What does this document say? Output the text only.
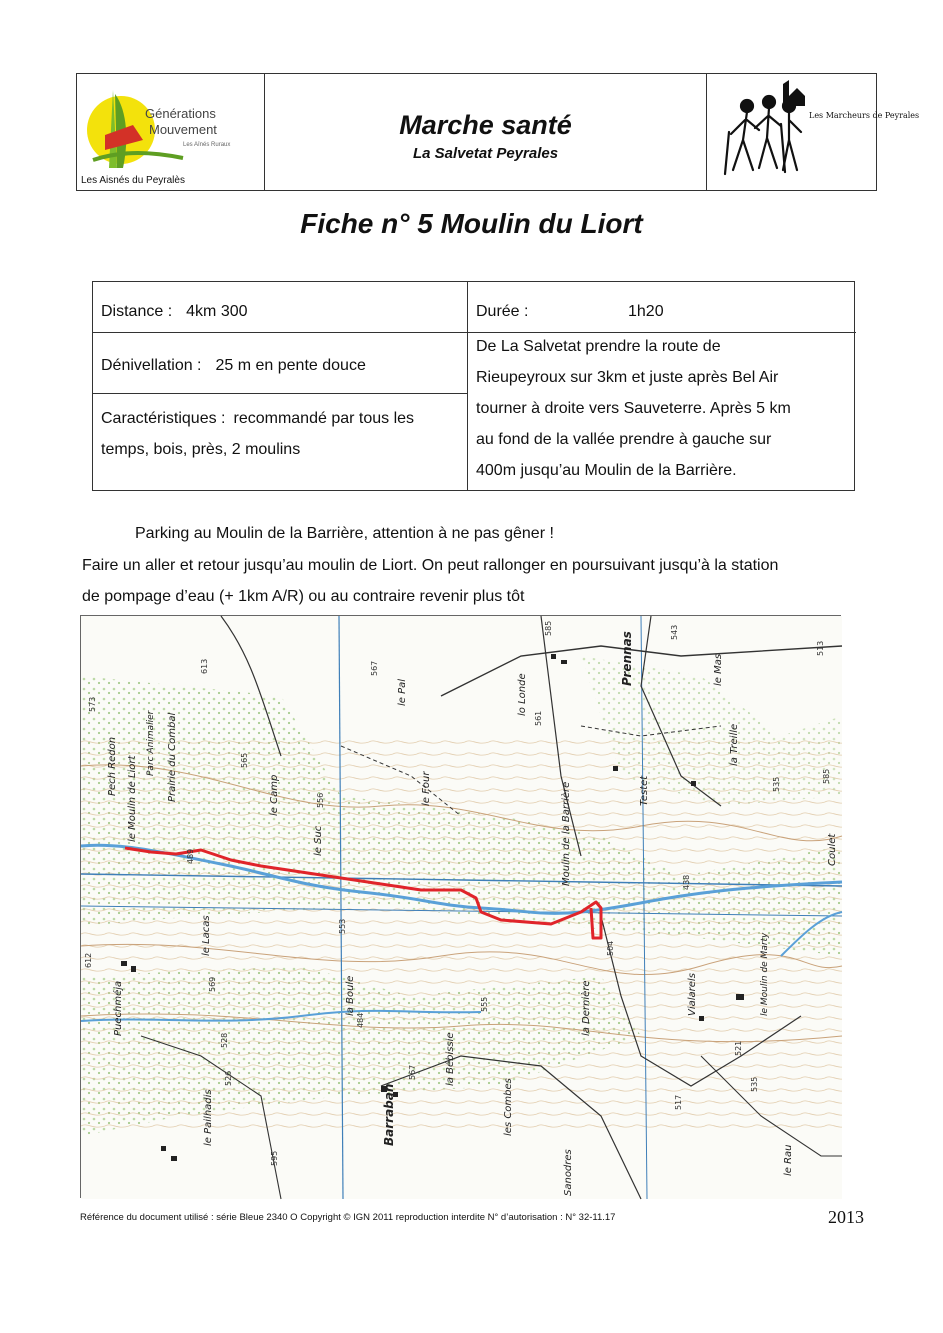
Générations
Mouvement
Les Aînés Ruraux
Les Aisnés du Peyralès
Marche santé
La Salvetat Peyrales
Les Marcheurs de Peyrales
Fiche n° 5 Moulin du Liort
Distance : 4km 300	Durée :	1h20
Dénivellation : 25 m en pente douce
Caractéristiques : recommandé par tous les
temps, bois, près, 2 moulins
De La Salvetat prendre la route de
Rieupeyroux sur 3km et juste après Bel Air
tourner à droite vers Sauveterre. Après 5 km
au fond de la vallée prendre à gauche sur
400m jusqu’au Moulin de la Barrière.
Parking au Moulin de la Barrière, attention à ne pas gêner !
Faire un aller et retour jusqu’au moulin de Liort. On peut rallonger en poursuivant jusqu’à la station
de pompage d’eau (+ 1km A/R) ou au contraire revenir plus tôt
le Moulin de Liort	Prairie du Combal
Pech Redon	Parc Animalier
le Camp
le Suc
le Four
le Pal	lo Londe
Moulin de la Barrière
le Lacas
la Boule
Puechméja	la Dernière	Vialarels	le Moulin de Marty
Testet
Prennas
la Treille
le Mas
Barraban
la Bébissie
les Combes
le Rau
Coulet
le Pailhadis
Sanodres
573
565
556
567
561
543
535
513
489
504
553
555
569
528
521
567
517
535
612
613
438
484
526
595
585
585
Référence du document utilisé : série Bleue 2340 O Copyright © IGN 2011 reproduction interdite N° d’autorisation : N° 32-11.17	2013
